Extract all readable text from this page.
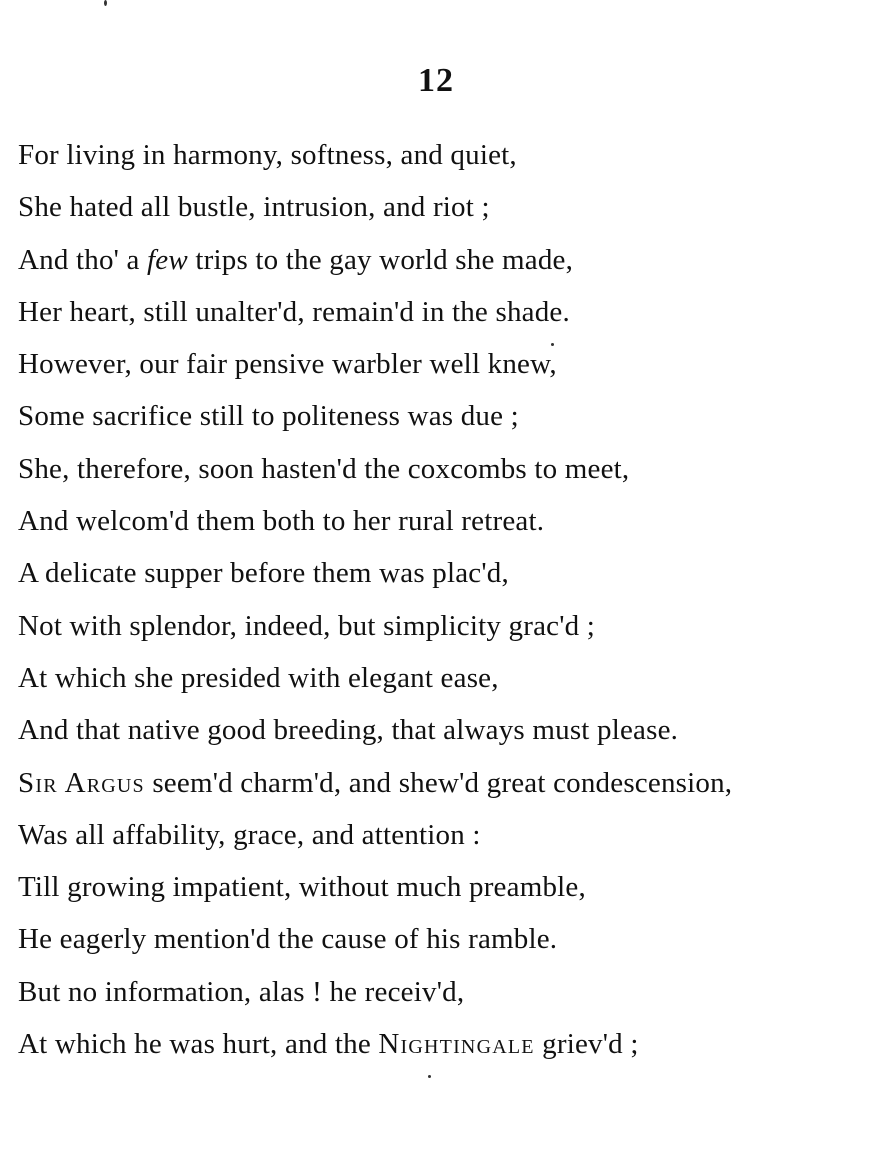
12
For living in harmony, softness, and quiet,
She hated all bustle, intrusion, and riot ;
And tho' a few trips to the gay world she made,
Her heart, still unalter'd, remain'd in the shade.
However, our fair pensive warbler well knew,
Some sacrifice still to politeness was due ;
She, therefore, soon hasten'd the coxcombs to meet,
And welcom'd them both to her rural retreat.
A delicate supper before them was plac'd,
Not with splendor, indeed, but simplicity grac'd ;
At which she presided with elegant ease,
And that native good breeding, that always must please.
Sir Argus seem'd charm'd, and shew'd great condescension,
Was all affability, grace, and attention :
Till growing impatient, without much preamble,
He eagerly mention'd the cause of his ramble.
But no information, alas ! he receiv'd,
At which he was hurt, and the Nightingale griev'd ;
